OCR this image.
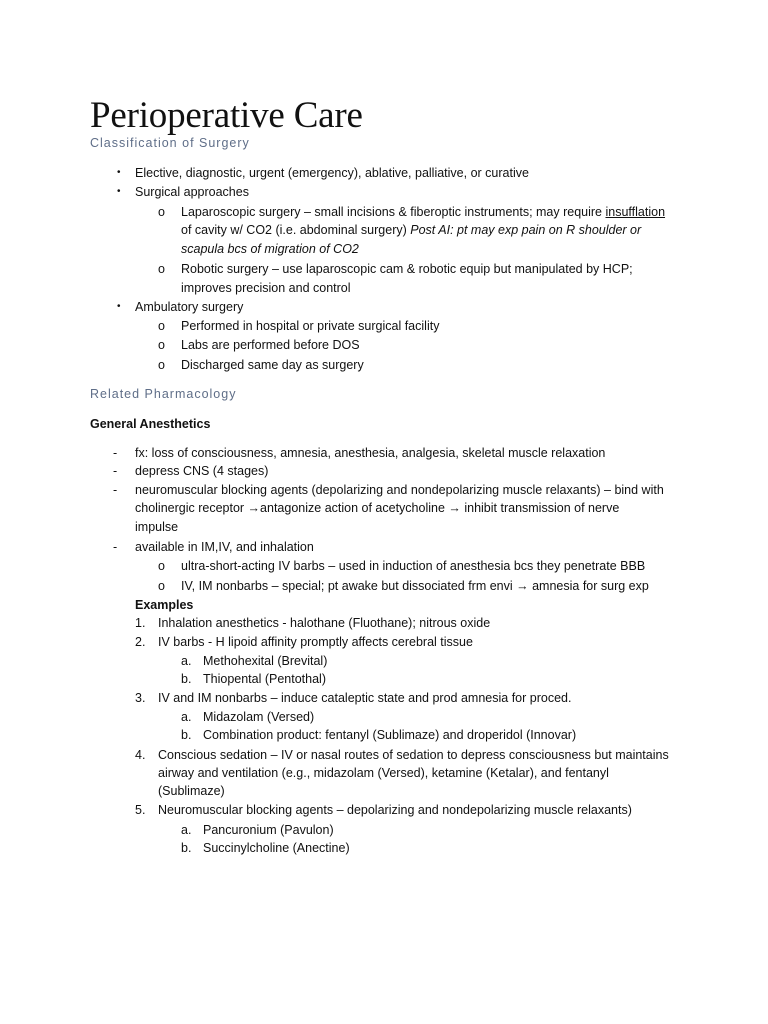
Perioperative Care
Classification of Surgery
• Elective, diagnostic, urgent (emergency), ablative, palliative, or curative
• Surgical approaches
o Laparoscopic surgery – small incisions & fiberoptic instruments; may require insufflation
of cavity w/ CO2 (i.e. abdominal surgery) Post AI: pt may exp pain on R shoulder or
scapula bcs of migration of CO2
o Robotic surgery – use laparoscopic cam & robotic equip but manipulated by HCP;
improves precision and control
• Ambulatory surgery
o Performed in hospital or private surgical facility
o Labs are performed before DOS
o Discharged same day as surgery
Related Pharmacology
General Anesthetics
- fx: loss of consciousness, amnesia, anesthesia, analgesia, skeletal muscle relaxation
- depress CNS (4 stages)
- neuromuscular blocking agents (depolarizing and nondepolarizing muscle relaxants) – bind with
cholinergic receptor →antagonize action of acetycholine → inhibit transmission of nerve
impulse
- available in IM,IV, and inhalation
o ultra-short-acting IV barbs – used in induction of anesthesia bcs they penetrate BBB
o IV, IM nonbarbs – special; pt awake but dissociated frm envi → amnesia for surg exp
Examples
1. Inhalation anesthetics - halothane (Fluothane); nitrous oxide
2. IV barbs - H lipoid affinity promptly affects cerebral tissue
a. Methohexital (Brevital)
b. Thiopental (Pentothal)
3. IV and IM nonbarbs – induce cataleptic state and prod amnesia for proced.
a. Midazolam (Versed)
b. Combination product: fentanyl (Sublimaze) and droperidol (Innovar)
4. Conscious sedation – IV or nasal routes of sedation to depress consciousness but maintains
airway and ventilation (e.g., midazolam (Versed), ketamine (Ketalar), and fentanyl
(Sublimaze)
5. Neuromuscular blocking agents – depolarizing and nondepolarizing muscle relaxants)
a. Pancuronium (Pavulon)
b. Succinylcholine (Anectine)
